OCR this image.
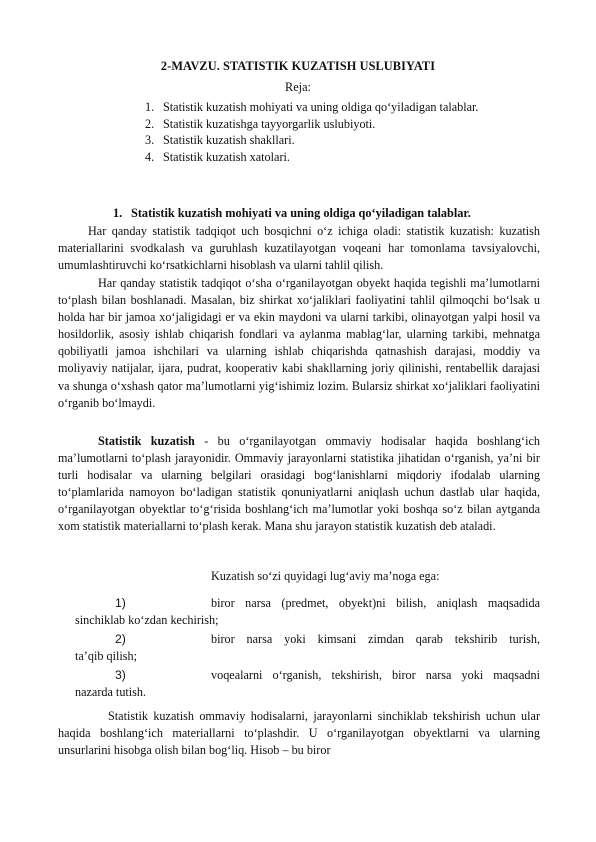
2-MAVZU. STATISTIK KUZATISH USLUBIYATI
Reja:
1. Statistik kuzatish mohiyati va uning oldiga qo‘yiladigan talablar.
2. Statistik kuzatishga tayyorgarlik uslubiyoti.
3. Statistik kuzatish shakllari.
4. Statistik kuzatish xatolari.
1. Statistik kuzatish mohiyati va uning oldiga qo‘yiladigan talablar.

Har qanday statistik tadqiqot uch bosqichni o‘z ichiga oladi: statistik kuzatish: kuzatish materiallarini svodkalash va guruhlash kuzatilayotgan voqeani har tomonlama tavsiyalovchi, umumlashtiruvchi ko‘rsatkichlarni hisoblash va ularni tahlil qilish.

Har qanday statistik tadqiqot o‘sha o‘rganilayotgan obyekt haqida tegishli ma’lumotlarni to‘plash bilan boshlanadi. Masalan, biz shirkat xo‘jaliklari faoliyatini tahlil qilmoqchi bo‘lsak u holda har bir jamoa xo‘jaligidagi er va ekin maydoni va ularni tarkibi, olinayotgan yalpi hosil va hosildorlik, asosiy ishlab chiqarish fondlari va aylanma mablag‘lar, ularning tarkibi, mehnatga qobiliyatli jamoa ishchilari va ularning ishlab chiqarishda qatnashish darajasi, moddiy va moliyaviy natijalar, ijara, pudrat, kooperativ kabi shakllarning joriy qilinishi, rentabellik darajasi va shunga o‘xshash qator ma’lumotlarni yig‘ishimiz lozim. Bularsiz shirkat xo‘jaliklari faoliyatini o‘rganib bo‘lmaydi.

Statistik kuzatish - bu o‘rganilayotgan ommaviy hodisalar haqida boshlang‘ich ma’lumotlarni to‘plash jarayonidir. Ommaviy jarayonlarni statistika jihatidan o‘rganish, ya’ni bir turli hodisalar va ularning belgilari orasidagi bog‘lanishlarni miqdoriy ifodalab ularning to‘plamlarida namoyon bo‘ladigan statistik qonuniyatlarni aniqlash uchun dastlab ular haqida, o‘rganilayotgan obyektlar to‘g‘risida boshlang‘ich ma’lumotlar yoki boshqa so‘z bilan aytganda xom statistik materiallarni to‘plash kerak. Mana shu jarayon statistik kuzatish deb ataladi.

Kuzatish so‘zi quyidagi lug‘aviy ma’noga ega:
1)	biror narsa (predmet, obyekt)ni bilish, aniqlash maqsadida
sinchiklab ko‘zdan kechirish;
2)	biror narsa yoki kimsani zimdan qarab tekshirib turish,
ta’qib qilish;
3)	voqealarni o‘rganish, tekshirish, biror narsa yoki maqsadni
nazarda tutish.

Statistik kuzatish ommaviy hodisalarni, jarayonlarni sinchiklab tekshirish uchun ular haqida boshlang‘ich materiallarni to‘plashdir. U o‘rganilayotgan obyektlarni va ularning unsurlarini hisobga olish bilan bog‘liq. Hisob – bu biror
